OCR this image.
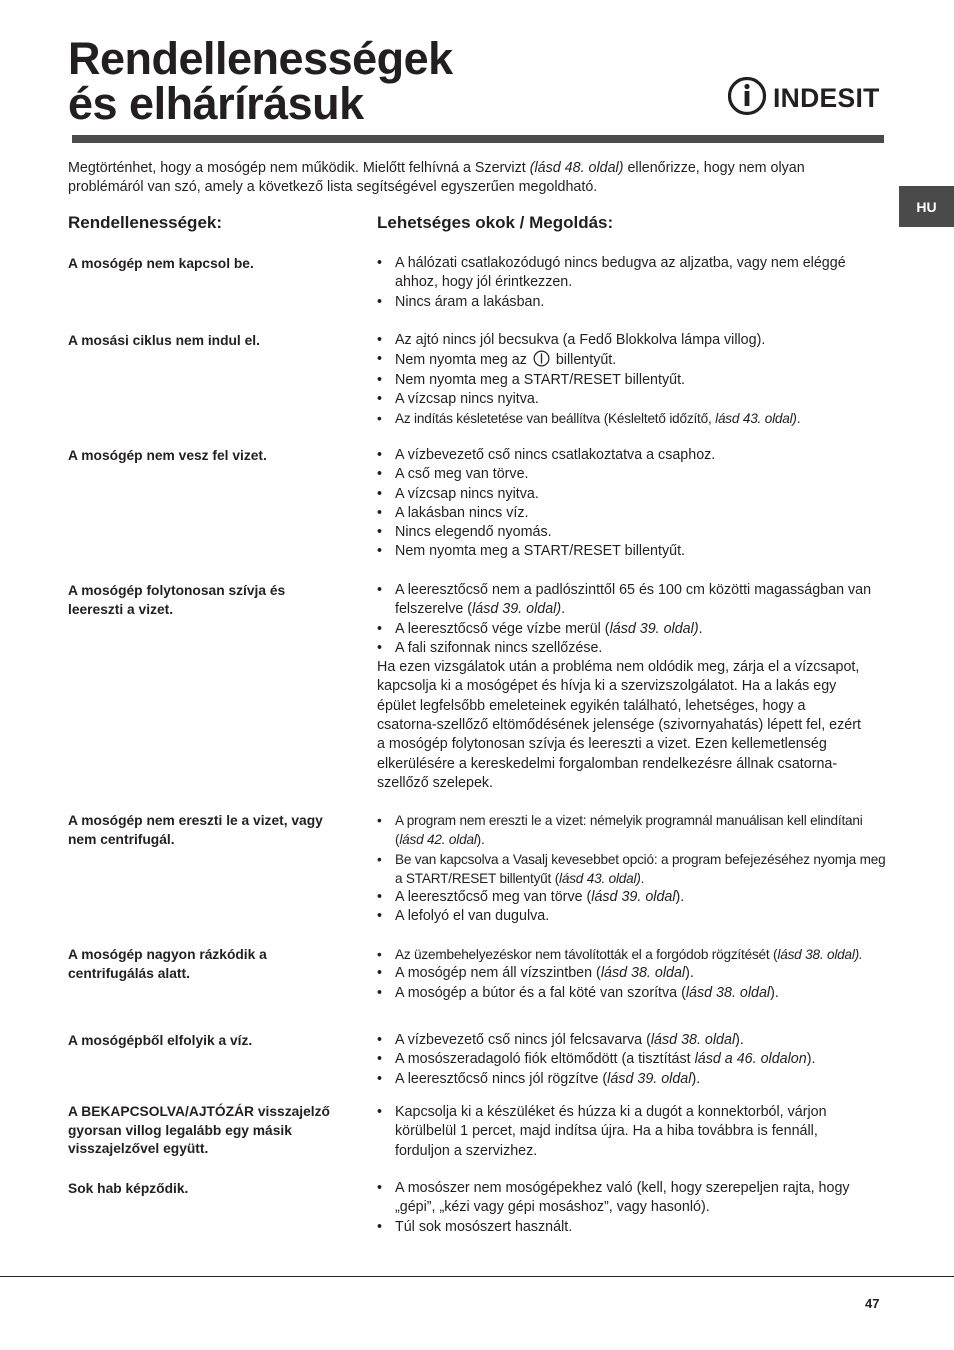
Rendellenességek
és elhárírásuk	INDESIT
HU

Megtörténhet, hogy a mosógép nem működik. Mielőtt felhívná a Szervizt (lásd 48. oldal) ellenőrizze, hogy nem olyan problémáról van szó, amely a következő lista segítségével egyszerűen megoldható.

Rendellenességek:	Lehetséges okok / Megoldás:

A mosógép nem kapcsol be.	• A hálózati csatlakozódugó nincs bedugva az aljzatba, vagy nem eléggé ahhoz, hogy jól érintkezzen.
• Nincs áram a lakásban.

A mosási ciklus nem indul el.	• Az ajtó nincs jól becsukva (a Fedő Blokkolva lámpa villog).
• Nem nyomta meg az  billentyűt.
• Nem nyomta meg a START/RESET billentyűt.
• A vízcsap nincs nyitva.
• Az indítás késletetése van beállítva (Késleltető időzítő, lásd 43. oldal).

A mosógép nem vesz fel vizet.	• A vízbevezető cső nincs csatlakoztatva a csaphoz.
• A cső meg van törve.
• A vízcsap nincs nyitva.
• A lakásban nincs víz.
• Nincs elegendő nyomás.
• Nem nyomta meg a START/RESET billentyűt.

A mosógép folytonosan szívja és leereszti a vizet.

• A leeresztőcső nem a padlószinttől 65 és 100 cm közötti magasságban van felszerelve (lásd 39. oldal).
• A leeresztőcső vége vízbe merül (lásd 39. oldal).
• A fali szifonnak nincs szellőzése.

Ha ezen vizsgálatok után a probléma nem oldódik meg, zárja el a vízcsapot, kapcsolja ki a mosógépet és hívja ki a szervizszolgálatot. Ha a lakás egy épület legfelsőbb emeleteinek egyikén található, lehetséges, hogy a csatorna-szellőző eltömődésének jelensége (szivornyahatás) lépett fel, ezért a mosógép folytonosan szívja és leereszti a vizet. Ezen kellemetlenség elkerülésére a kereskedelmi forgalomban rendelkezésre állnak csatorna-szellőző szelepek.

A mosógép nem ereszti le a vizet, vagy nem centrifugál.

• A program nem ereszti le a vizet: némelyik programnál manuálisan kell elindítani (lásd 42. oldal).
• Be van kapcsolva a Vasalj kevesebbet opció: a program befejezéséhez nyomja meg a START/RESET billentyűt (lásd 43. oldal).
• A leeresztőcső meg van törve (lásd 39. oldal).
• A lefolyó el van dugulva.

A mosógép nagyon rázkódik a centrifugálás alatt.

• Az üzembehelyezéskor nem távolították el a forgódob rögzítését (lásd 38. oldal).
• A mosógép nem áll vízszintben (lásd 38. oldal).
• A mosógép a bútor és a fal köté van szorítva (lásd 38. oldal).

A mosógépből elfolyik a víz.	• A vízbevezető cső nincs jól felcsavarva (lásd 38. oldal).
• A mosószeradagoló fiók eltömődött (a tisztítást lásd a 46. oldalon).
• A leeresztőcső nincs jól rögzítve (lásd 39. oldal).

A BEKAPCSOLVA/AJTÓZÁR visszajelző gyorsan villog legalább egy másik visszajelzővel együtt.

• Kapcsolja ki a készüléket és húzza ki a dugót a konnektorból, várjon körülbelül 1 percet, majd indítsa újra. Ha a hiba továbbra is fennáll, forduljon a szervizhez.

Sok hab képződik.	• A mosószer nem mosógépekhez való (kell, hogy szerepeljen rajta, hogy „gépi”, „kézi vagy gépi mosáshoz”, vagy hasonló).
• Túl sok mosószert használt.
47
